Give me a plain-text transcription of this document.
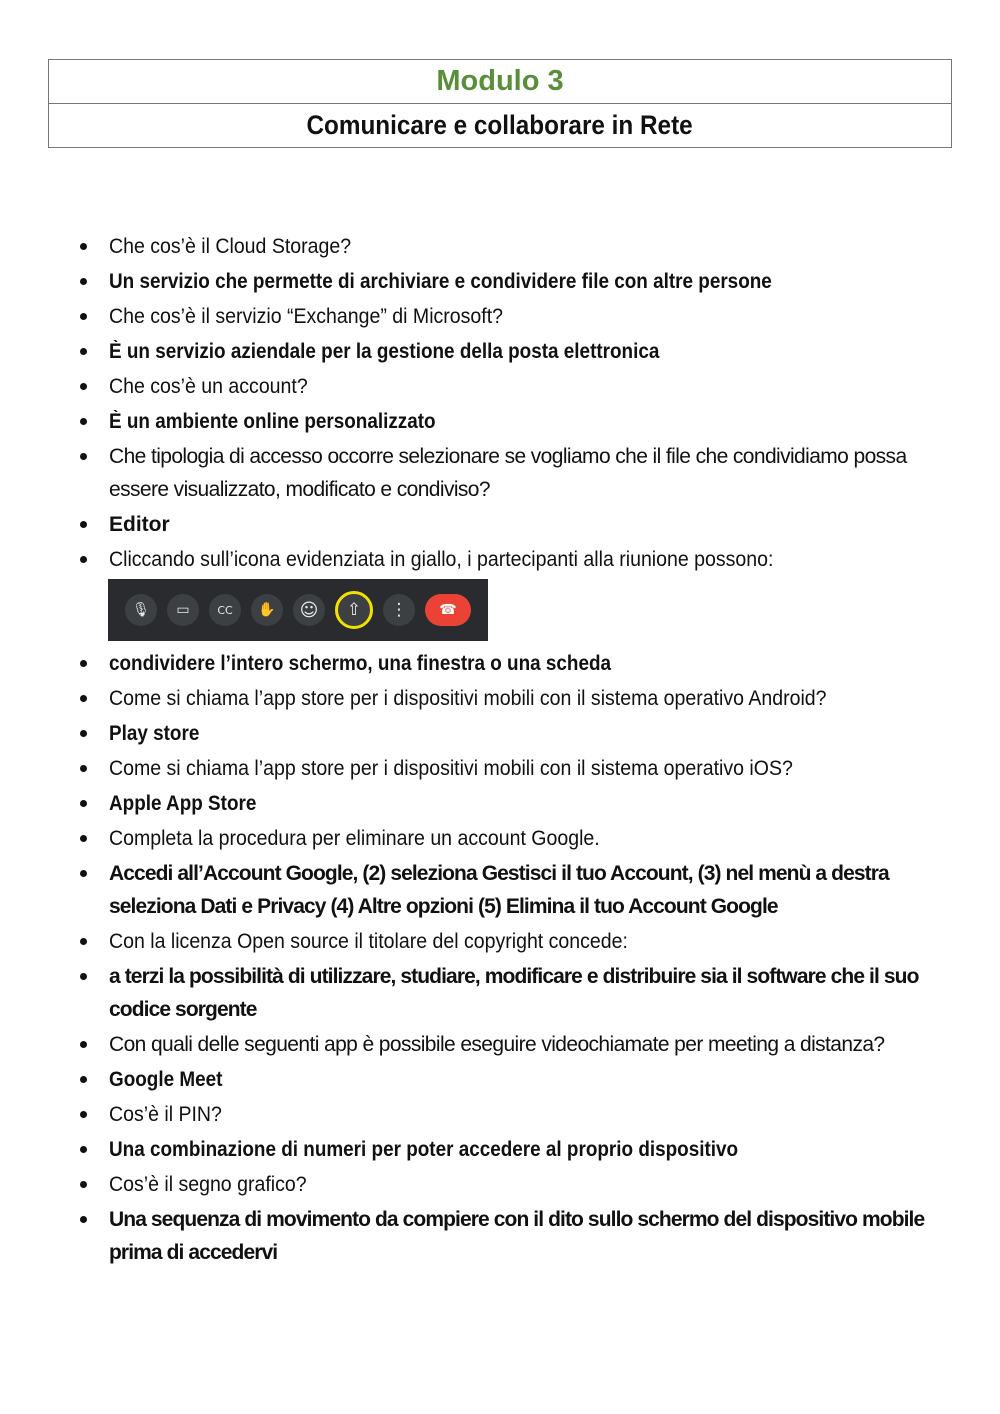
Modulo 3
Comunicare e collaborare in Rete
Che cos’è il Cloud Storage?
Un servizio che permette di archiviare e condividere file con altre persone
Che cos’è il servizio “Exchange” di Microsoft?
È un servizio aziendale per la gestione della posta elettronica
Che cos’è un account?
È un ambiente online personalizzato
Che tipologia di accesso occorre selezionare se vogliamo che il file che condividiamo possa essere visualizzato, modificato e condiviso?
Editor
Cliccando sull’icona evidenziata in giallo, i partecipanti alla riunione possono:
🎙	▭	CC	✋	☺	⇧	⋮	☎
condividere l’intero schermo, una finestra o una scheda
Come si chiama l’app store per i dispositivi mobili con il sistema operativo Android?
Play store
Come si chiama l’app store per i dispositivi mobili con il sistema operativo iOS?
Apple App Store
Completa la procedura per eliminare un account Google.
Accedi all’Account Google, (2) seleziona Gestisci il tuo Account, (3) nel menù a destra seleziona Dati e Privacy (4) Altre opzioni (5) Elimina il tuo Account Google
Con la licenza Open source il titolare del copyright concede:
a terzi la possibilità di utilizzare, studiare, modificare e distribuire sia il software che il suo codice sorgente
Con quali delle seguenti app è possibile eseguire videochiamate per meeting a distanza?
Google Meet
Cos’è il PIN?
Una combinazione di numeri per poter accedere al proprio dispositivo
Cos’è il segno grafico?
Una sequenza di movimento da compiere con il dito sullo schermo del dispositivo mobile prima di accedervi
